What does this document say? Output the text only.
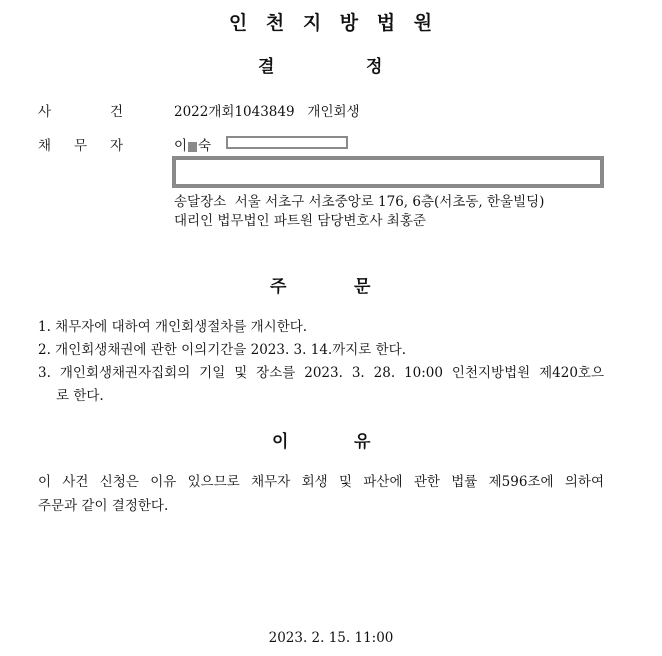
인 천 지 방 법 원
결	정
사	건	2022개회1043849   개인회생
채 무 자	이 숙
송달장소  서울 서초구 서초중앙로 176, 6층(서초동, 한울빌딩)
대리인 법무법인 파트원 담당변호사 최홍준
주	문
1. 채무자에 대하여 개인회생절차를 개시한다.
2. 개인회생채권에 관한 이의기간을 2023. 3. 14.까지로 한다.
3. 개인회생채권자집회의 기일 및 장소를 2023. 3. 28. 10:00 인천지방법원 제420호으
로 한다.
이	유
이 사건 신청은 이유 있으므로 채무자 회생 및 파산에 관한 법률 제596조에 의하여
주문과 같이 결정한다.
2023. 2. 15. 11:00
